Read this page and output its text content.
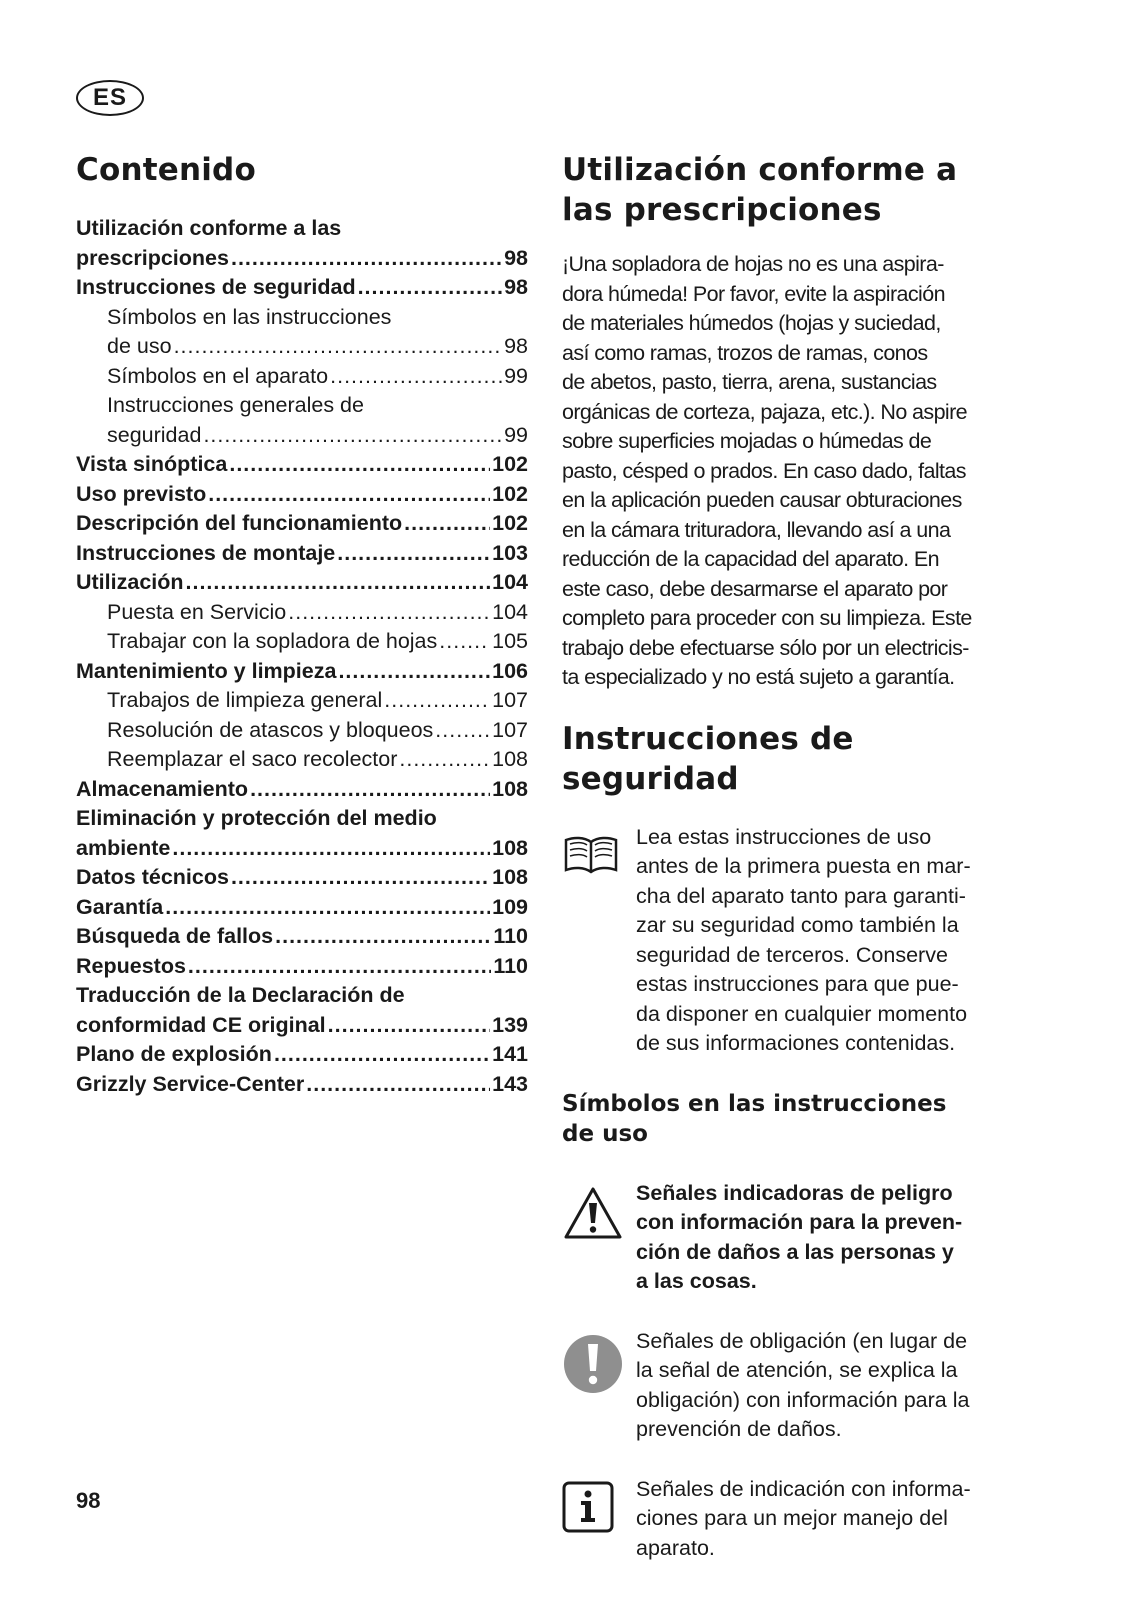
ES
Contenido
Utilización conforme a las
prescripciones .....	98
Instrucciones de seguridad .....	98
Símbolos en las instrucciones
de uso .....	98
Símbolos en el aparato .....	99
Instrucciones generales de
seguridad .....	99
Vista sinóptica .....	102
Uso previsto .....	102
Descripción del funcionamiento .....	102
Instrucciones de montaje .....	103
Utilización .....	104
Puesta en Servicio .....	104
Trabajar con la sopladora de hojas .....	105
Mantenimiento y limpieza .....	106
Trabajos de limpieza general .....	107
Resolución de atascos y bloqueos .....	107
Reemplazar el saco recolector .....	108
Almacenamiento .....	108
Eliminación y protección del medio
ambiente .....	108
Datos técnicos .....	108
Garantía .....	109
Búsqueda de fallos .....	110
Repuestos .....	110
Traducción de la Declaración de
conformidad CE original .....	139
Plano de explosión .....	141
Grizzly Service-Center .....	143
Utilización conforme a
las prescripciones
¡Una sopladora de hojas no es una aspira-
dora húmeda! Por favor, evite la aspiración
de materiales húmedos (hojas y suciedad,
así como ramas, trozos de ramas, conos
de abetos, pasto, tierra, arena, sustancias
orgánicas de corteza, pajaza, etc.). No aspire
sobre superficies mojadas o húmedas de
pasto, césped o prados. En caso dado, faltas
en la aplicación pueden causar obturaciones
en la cámara trituradora, llevando así a una
reducción de la capacidad del aparato. En
este caso, debe desarmarse el aparato por
completo para proceder con su limpieza. Este
trabajo debe efectuarse sólo por un electricis-
ta especializado y no está sujeto a garantía.
Instrucciones de seguridad
Lea estas instrucciones de uso
antes de la primera puesta en mar-
cha del aparato tanto para garanti-
zar su seguridad como también la
seguridad de terceros. Conserve
estas instrucciones para que pue-
da disponer en cualquier momento
de sus informaciones contenidas.
Símbolos en las instrucciones
de uso
Señales indicadoras de peligro
con información para la preven-
ción de daños a las personas y
a las cosas.
Señales de obligación (en lugar de
la señal de atención, se explica la
obligación) con información para la
prevención de daños.
Señales de indicación con informa-
ciones para un mejor manejo del
aparato.
98
